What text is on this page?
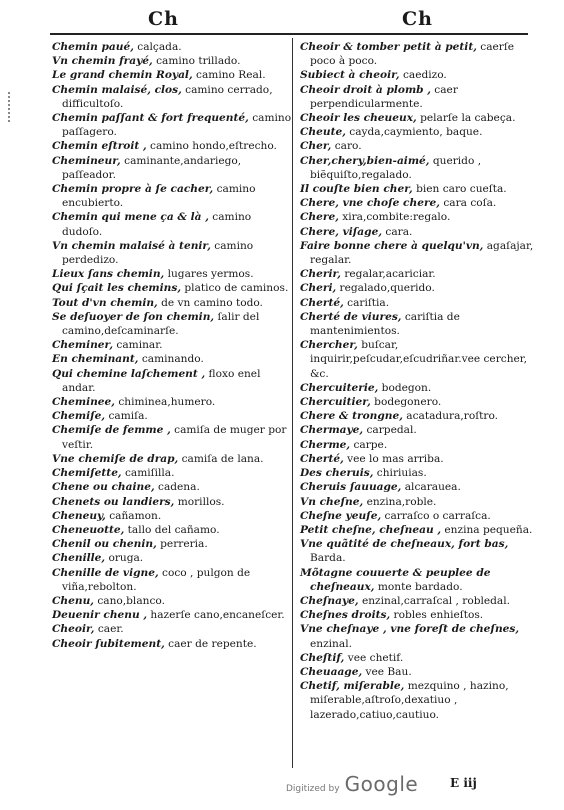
Ch	Ch

Chemin paué, calçada.

Vn chemin frayé, camino trillado.

Le grand chemin Royal, camino Real.

Chemin malaisé, clos, camino cerrado, difficultoſo.

Chemin paſſant & fort frequenté, camino paſſagero.

Chemin eſtroit , camino hondo,eſtrecho.

Chemineur, caminante,andariego, paſſeador.

Chemin propre à ſe cacher, camino encubierto.

Chemin qui mene ça & là , camino dudoſo.

Vn chemin malaisé à tenir, camino perdedizo.

Lieux ſans chemin, lugares yermos.

Qui ſçait les chemins, platico de caminos.

Tout d'vn chemin, de vn camino todo.

Se deſuoyer de ſon chemin, ſalir del camino,deſcaminarſe.

Cheminer, caminar.

En cheminant, caminando.

Qui chemine laſchement , floxo enel andar.

Cheminee, chiminea,humero.

Chemiſe, camiſa.

Chemiſe de femme , camiſa de muger por veſtir.

Vne chemiſe de drap, camiſa de lana.

Chemiſette, camiſilla.

Chene ou chaine, cadena.

Chenets ou landiers, morillos.

Cheneuy, cañamon.

Cheneuotte, tallo del cañamo.

Chenil ou chenin, perreria.

Chenille, oruga.

Chenille de vigne, coco , pulgon de viña,rebolton.

Chenu, cano,blanco.

Deuenir chenu , hazerſe cano,encaneſcer.

Cheoir, caer.

Cheoir ſubitement, caer de repente.

Cheoir & tomber petit à petit, caerſe poco à poco.

Subiect à cheoir, caedizo.

Cheoir droit à plomb , caer perpendicularmente.

Cheoir les cheueux, pelarſe la cabeça.

Cheute, cayda,caymiento, baque.

Cher, caro.

Cher,chery,bien-aimé, querido , biẽquiſto,regalado.

Il couſte bien cher, bien caro cueſta.

Chere, vne choſe chere, cara coſa.

Chere, xira,combite:regalo.

Chere, viſage, cara.

Faire bonne chere à quelqu'vn, agaſajar, regalar.

Cherir, regalar,acariciar.

Cheri, regalado,querido.

Cherté, cariſtia.

Cherté de viures, cariſtia de mantenimientos.

Chercher, buſcar, inquirir,peſcudar,eſcudriñar.vee cercher, &c.

Chercuiterie, bodegon.

Chercuitier, bodegonero.

Chere & trongne, acatadura,roſtro.

Chermaye, carpedal.

Cherme, carpe.

Cherté, vee lo mas arriba.

Des cheruis, chiriuias.

Cheruis ſauuage, alcarauea.

Vn cheſne, enzina,roble.

Cheſne yeuſe, carraſco o carraſca.

Petit cheſne, cheſneau , enzina pequeña.

Vne quãtité de cheſneaux, fort bas, Barda.

Mõtagne couuerte & peuplee de cheſneaux, monte bardado.

Cheſnaye, enzinal,carraſcal , robledal.

Cheſnes droits, robles enhieſtos.

Vne cheſnaye , vne foreſt de cheſnes, enzinal.

Cheſtif, vee chetif.

Cheuaage, vee Bau.

Chetif, miſerable, mezquino , hazino, miſerable,aſtroſo,dexatiuo , lazerado,catiuo,cautiuo.

Digitized by Google	E iij
